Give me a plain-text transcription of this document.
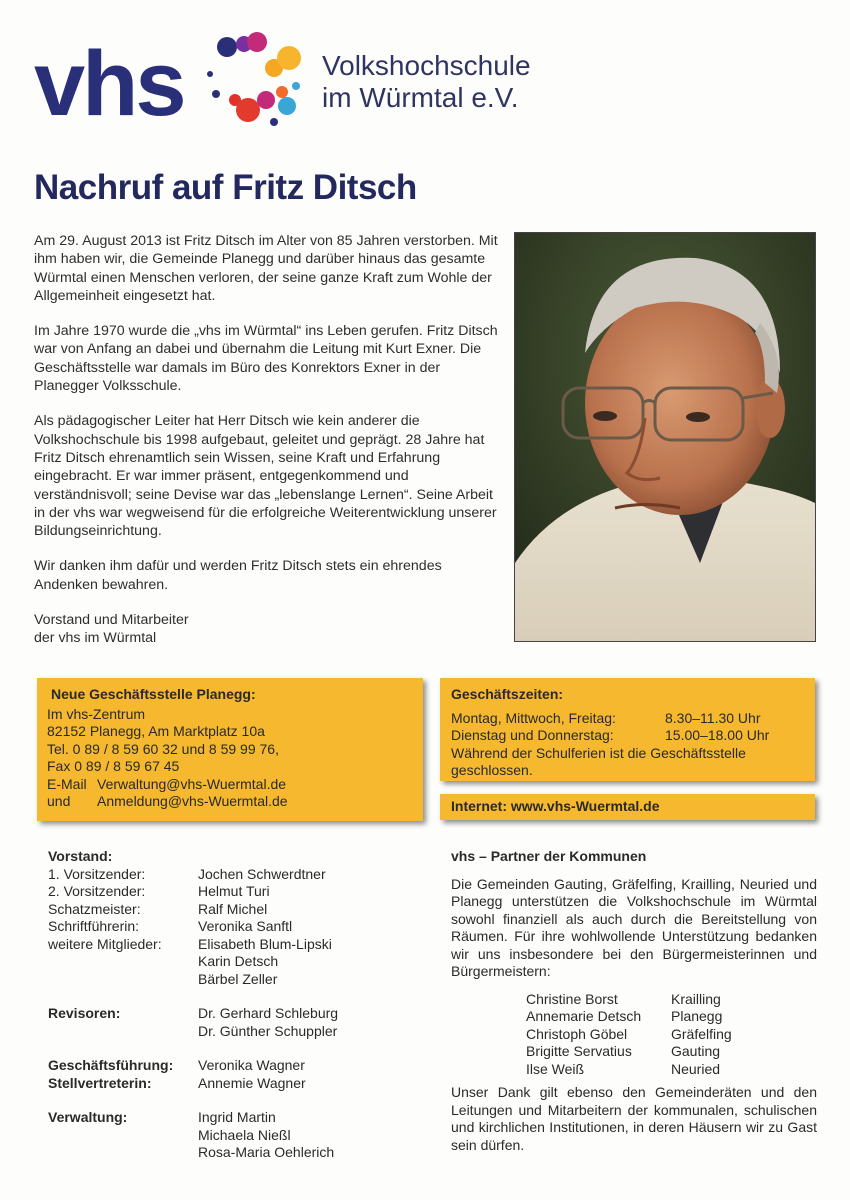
vhs	Volkshochschule
im Würmtal e.V.
Nachruf auf Fritz Ditsch

Am 29. August 2013 ist Fritz Ditsch im Alter von 85 Jahren verstorben. Mit ihm haben wir, die Gemeinde Planegg und darüber hinaus das gesamte Würmtal einen Menschen verloren, der seine ganze Kraft zum Wohle der Allgemeinheit eingesetzt hat.

Im Jahre 1970 wurde die „vhs im Würmtal“ ins Leben gerufen. Fritz Ditsch war von Anfang an dabei und übernahm die Leitung mit Kurt Exner. Die Geschäftsstelle war damals im Büro des Konrektors Exner in der Planegger Volksschule.

Als pädagogischer Leiter hat Herr Ditsch wie kein anderer die Volkshochschule bis 1998 aufgebaut, geleitet und geprägt. 28 Jahre hat Fritz Ditsch ehrenamtlich sein Wissen, seine Kraft und Erfahrung eingebracht. Er war immer präsent, entgegenkommend und verständnisvoll; seine Devise war das „lebenslange Lernen“. Seine Arbeit in der vhs war wegweisend für die erfolgreiche Weiterentwicklung unserer Bildungseinrichtung.

Wir danken ihm dafür und werden Fritz Ditsch stets ein ehrendes Andenken bewahren.

Vorstand und Mitarbeiter
der vhs im Würmtal

Neue Geschäftsstelle Planegg:
Im vhs-Zentrum
82152 Planegg, Am Marktplatz 10a
Tel. 0 89 / 8 59 60 32 und 8 59 99 76,
Fax 0 89 / 8 59 67 45
E-Mail Verwaltung@vhs-Wuermtal.de
und	Anmeldung@vhs-Wuermtal.de
Geschäftszeiten:
Montag, Mittwoch, Freitag:	8.30–11.30 Uhr
Dienstag und Donnerstag:	15.00–18.00 Uhr
Während der Schulferien ist die Geschäftsstelle geschlossen.
Internet: www.vhs-Wuermtal.de
Vorstand:
1. Vorsitzender:	Jochen Schwerdtner
2. Vorsitzender:	Helmut Turi
Schatzmeister:	Ralf Michel
Schriftführerin:	Veronika Sanftl
weitere Mitglieder:	Elisabeth Blum-Lipski
Karin Detsch
Bärbel Zeller
Revisoren:	Dr. Gerhard Schleburg
Dr. Günther Schuppler
Geschäftsführung:	Veronika Wagner
Stellvertreterin:	Annemie Wagner
Verwaltung:	Ingrid Martin
Michaela Nießl
Rosa-Maria Oehlerich
vhs – Partner der Kommunen
Die Gemeinden Gauting, Gräfelfing, Krailling, Neuried und Planegg unterstützen die Volkshochschule im Würmtal sowohl finanziell als auch durch die Bereitstellung von Räumen. Für ihre wohlwollende Unterstützung bedanken wir uns insbesondere bei den Bürgermeisterinnen und Bürgermeistern:
Christine Borst	Krailling
Annemarie Detsch	Planegg
Christoph Göbel	Gräfelfing
Brigitte Servatius	Gauting
Ilse Weiß	Neuried
Unser Dank gilt ebenso den Gemeinderäten und den Leitungen und Mitarbeitern der kommunalen, schulischen und kirchlichen Institutionen, in deren Häusern wir zu Gast sein dürfen.
